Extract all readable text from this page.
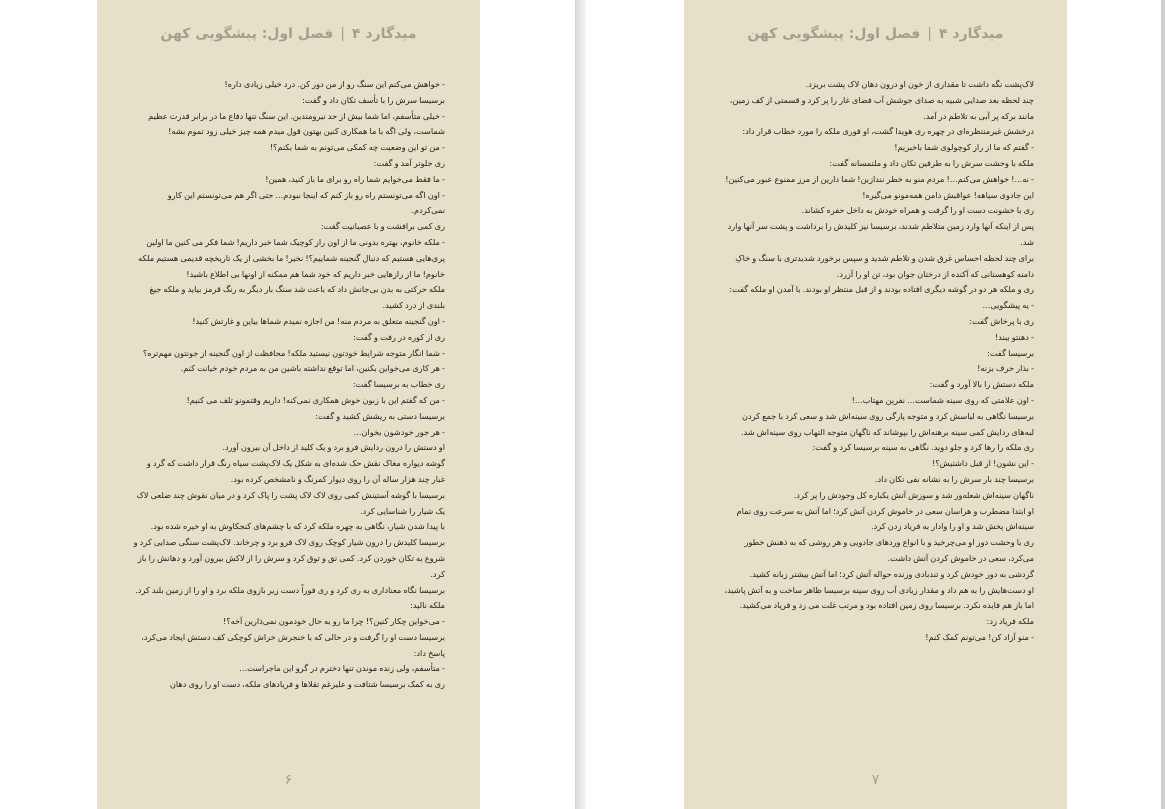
میدگارد ۴|فصل اول: پیشگویی کهن

- خواهش می‌کنم این سنگ رو از من دور کن. درد خیلی زیادی داره!

برسیسا سرش را با تأسف تکان داد و گفت:

- خیلی متأسفم، اما شما بیش از حد نیرومندین. این سنگ تنها دفاع ما در برابر قدرت عظیم شماست، ولی اگه با ما همکاری کنین بهتون قول میدم همه چیز خیلی زود تموم بشه!

- من تو این وضعیت چه کمکی می‌تونم به شما بکنم؟!

ری جلوتر آمد و گفت:

- ما فقط می‌خوایم شما راه رو برای ما باز کنید، همین!

- اون اگه می‌تونستم راه رو باز کنم که اینجا نبودم... حتی اگر هم می‌تونستم این کارو نمی‌کردم.

ری کمی برافشت و با عصبانیت گفت:

- ملکه خانوم، بهتره بدونی ما از اون راز کوچیک شما خبر داریم! شما فکر می کنین ما اولین پری‌هایی هستیم که دنبال گنجینه شماییم؟! نخیر! ما بخشی از یک تاریخچه قدیمی هستیم ملکه خانوم! ما از رازهایی خبر داریم که خود شما هم ممکنه از اونها بی اطلاع باشید!

ملکه حرکتی به بدن بی‌جانش داد که باعث شد سنگ بار دیگر به رنگ قرمز بیاید و ملکه جیغ بلندی از درد کشید.

- اون گنجینه متعلق به مردم منه! من اجازه نمیدم شماها بیاین و غارتش کنید!

ری از کوره در رفت و گفت:

- شما انگار متوجه شرایط خودتون نیستید ملکه! محافظت از اون گنجینه از جونتون مهم‌تره؟

- هر کاری می‌خواین بکنین، اما توقع نداشته باشین من به مردم خودم خیانت کنم.

ری خطاب به برسیسا گفت:

- من که گفتم این با زبون خوش همکاری نمی‌کنه! داریم وقتمونو تلف می کنیم!

برسیسا دستی به ریشش کشید و گفت:

- هر جور خودشون بخوان...

او دستش را درون ردایش فرو برد و یک کلید از داخل آن بیرون آورد.

گوشه دیواره مغاک نقش حک شده‌ای به شکل یک لاک‌پشت سیاه رنگ قرار داشت که گرد و غبار چند هزار ساله آن را روی دیوار کمرنگ و نامشخص کرده بود.

برسیسا با گوشه آستینش کمی روی لاک لاک پشت را پاک کرد و در میان نقوش چند ضلعی لاک یک شیار را شناسایی کرد.

با پیدا شدن شیار، نگاهی به چهره ملکه کرد که با چشم‌های کنجکاوش به او خیره شده بود.

برسیسا کلیدش را درون شیار کوچک روی لاک فرو برد و چرخاند. لاک‌پشت سنگی صدایی کرد و شروع به تکان خوردن کرد. کمی تق و توق کرد و سرش را از لاکش بیرون آورد و دهانش را باز کرد.

برسیسا نگاه معناداری به ری کرد و ری فوراً دست زیر بازوی ملکه برد و او را از زمین بلند کرد.

ملکه نالید:

- می‌خواین چکار کنین؟! چرا ما رو به حال خودمون نمی‌ذارین آخه؟!

برسیسا دست او را گرفت و در حالی که با خنجرش خراش کوچکی کف دستش ایجاد می‌کرد، پاسخ داد:

- متأسفم، ولی زنده موندن تنها دخترم در گرو این ماجراست...

ری به کمک برسیسا شتافت و علیرغم تقلاها و فریادهای ملکه، دست او را روی دهان

۶
میدگارد ۴|فصل اول: پیشگویی کهن

لاک‌پشت نگه داشت تا مقداری از خون او درون دهان لاک پشت بریزد.

چند لحظه بعد صدایی شبیه به صدای جوشش آب فضای غار را پر کرد و قسمتی از کف زمین، مانند برکه پر آبی به تلاطم در آمد.

درخشش غیرمنتظره‌ای در چهره ری هویدا گشت، او فوری ملکه را مورد خطاب قرار داد:

- گفتم که ما از راز کوچولوی شما باخبریم!

ملکه با وحشت سرش را به طرفین تکان داد و ملتمسانه گفت:

- نه...! خواهش می‌کنم...! مردم منو به خطر نندازین! شما دارین از مرز ممنوع عبور می‌کنین!

این جادوی سیاهه! عواقبش دامن همه‌مونو می‌گیره!

ری با خشونت دست او را گرفت و همراه خودش به داخل حفره کشاند.

پس از اینکه آنها وارد زمین متلاطم شدند، برسیسا نیز کلیدش را برداشت و پشت سر آنها وارد شد.

برای چند لحظه احساس غرق شدن و تلاطم شدید و سپس برخورد شدیدتری با سنگ و خاکِ دامنه کوهستانی که آکنده از درختان جوان بود، تن او را آزرد.

ری و ملکه هر دو در گوشه دیگری افتاده بودند و از قبل منتظر او بودند. با آمدن او ملکه گفت:

- یه پیشگویی...

ری با پرخاش گفت:

- دهنتو ببند!

برسیسا گفت:

- بذار حرف بزنه!

ملکه دستش را بالا آورد و گفت:

- اون علامتی که روی سینه شماست... نفرین مهتاب...!

برسیسا نگاهی به لباسش کرد و متوجه پارگی روی سینه‌اش شد و سعی کرد با جمع کردن لبه‌های ردایش کمی سینه برهنه‌اش را بپوشاند که ناگهان متوجه التهاب روی سینه‌اش شد.

ری ملکه را رها کرد و جلو دوید. نگاهی به سینه برسیسا کرد و گفت:

- این نشون! از قبل داشتیش؟!

برسیسا چند بار سرش را به نشانه نفی تکان داد.

ناگهان سینه‌اش شعله‌ور شد و سوزش آتش یکباره کل وجودش را پر کرد.

او ابتدا مضطرب و هراسان سعی در خاموش کردن آتش کرد؛ اما آتش به سرعت روی تمام سینه‌اش پخش شد و او را وادار به فریاد زدن کرد.

ری با وحشت دور او می‌چرخید و با انواع وردهای جادویی و هر روشی که به ذهنش خطور می‌کرد، سعی در خاموش کردن آتش داشت.

گردشی به دور خودش کرد و تندبادی وزنده حواله آتش کرد؛ اما آتش بیشتر زبانه کشید.

او دست‌هایش را به هم داد و مقدار زیادی آب روی سینه برسیسا ظاهر ساخت و به آتش پاشید، اما باز هم فایده نکرد. برسیسا روی زمین افتاده بود و مرتب غلت می زد و فریاد می‌کشید.

ملکه فریاد زد:

- منو آزاد کن! می‌تونم کمک کنم!

۷
